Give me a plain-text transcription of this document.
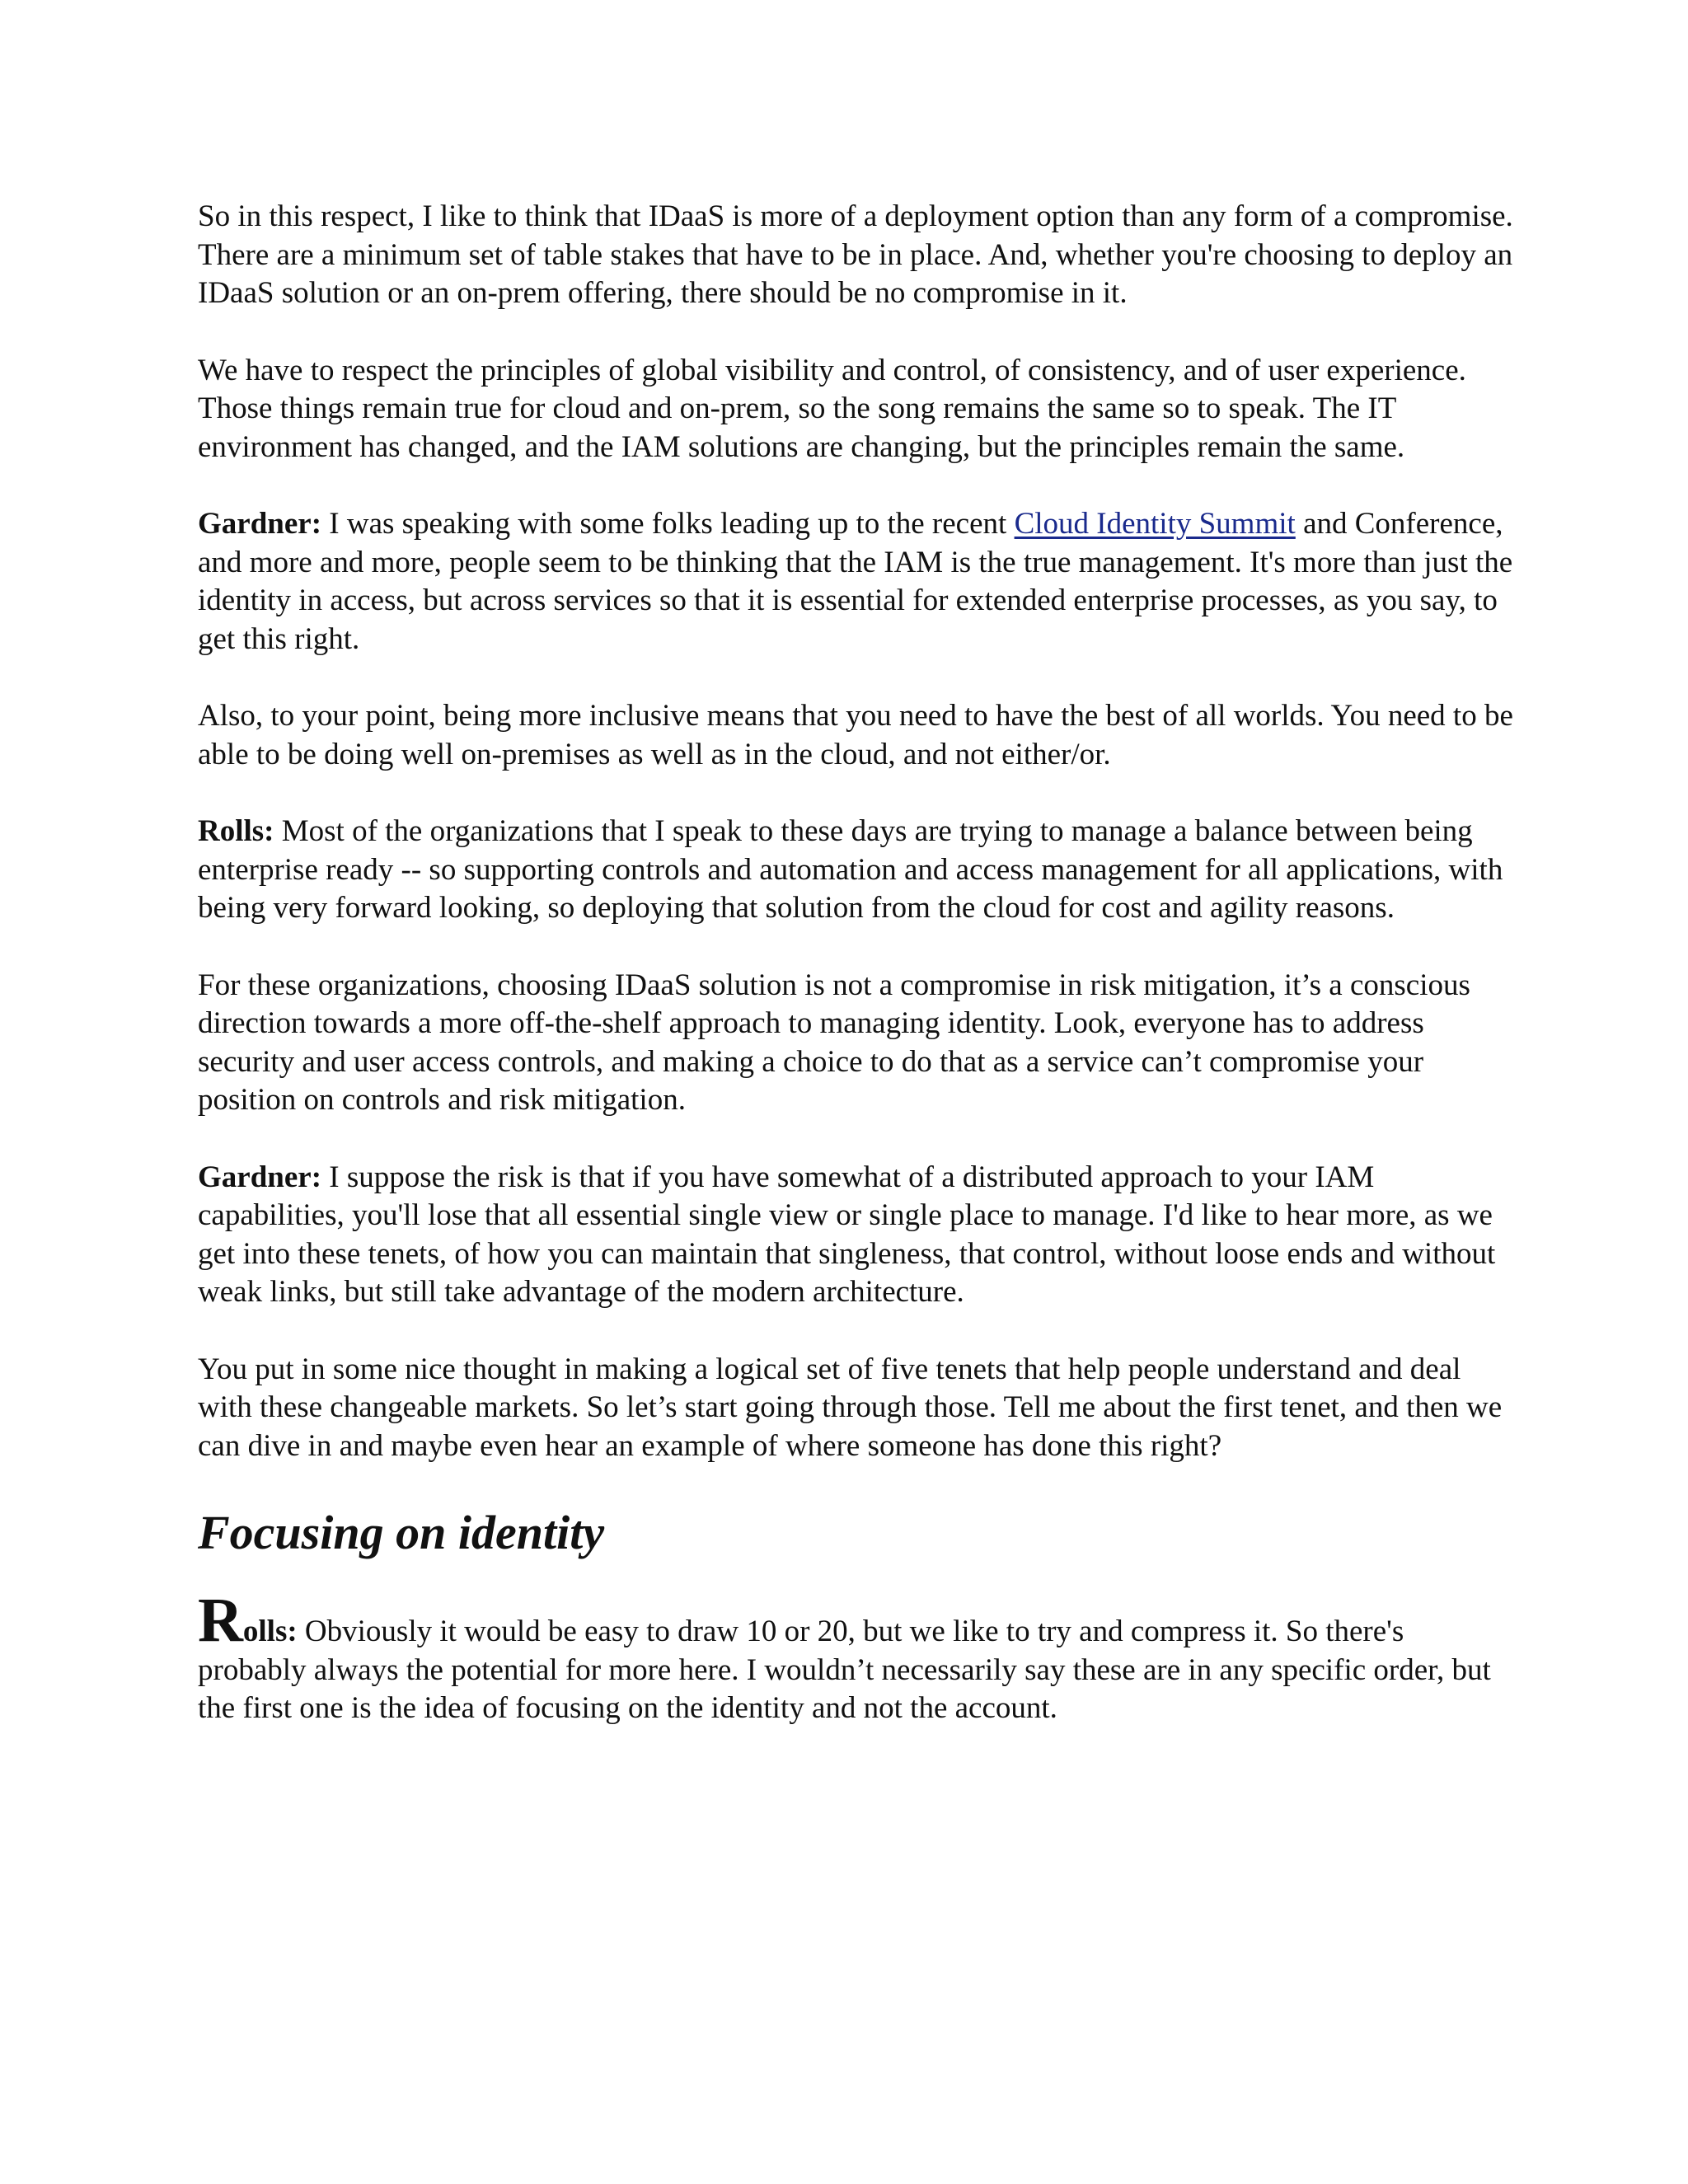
So in this respect, I like to think that IDaaS is more of a deployment option than any form of a compromise. There are a minimum set of table stakes that have to be in place. And, whether you're choosing to deploy an IDaaS solution or an on-prem offering, there should be no compromise in it.

We have to respect the principles of global visibility and control, of consistency, and of user experience. Those things remain true for cloud and on-prem, so the song remains the same so to speak. The IT environment has changed, and the IAM solutions are changing, but the principles remain the same.

Gardner: I was speaking with some folks leading up to the recent Cloud Identity Summit and Conference, and more and more, people seem to be thinking that the IAM is the true management. It's more than just the identity in access, but across services so that it is essential for extended enterprise processes, as you say, to get this right.

Also, to your point, being more inclusive means that you need to have the best of all worlds. You need to be able to be doing well on-premises as well as in the cloud, and not either/or.

Rolls: Most of the organizations that I speak to these days are trying to manage a balance between being enterprise ready -- so supporting controls and automation and access management for all applications, with being very forward looking, so deploying that solution from the cloud for cost and agility reasons.

For these organizations, choosing IDaaS solution is not a compromise in risk mitigation, it’s a conscious direction towards a more off-the-shelf approach to managing identity. Look, everyone has to address security and user access controls, and making a choice to do that as a service can’t compromise your position on controls and risk mitigation.

Gardner: I suppose the risk is that if you have somewhat of a distributed approach to your IAM capabilities, you'll lose that all essential single view or single place to manage. I'd like to hear more, as we get into these tenets, of how you can maintain that singleness, that control, without loose ends and without weak links, but still take advantage of the modern architecture.

You put in some nice thought in making a logical set of five tenets that help people understand and deal with these changeable markets. So let’s start going through those. Tell me about the first tenet, and then we can dive in and maybe even hear an example of where someone has done this right?

Focusing on identity

Rolls: Obviously it would be easy to draw 10 or 20, but we like to try and compress it. So there's probably always the potential for more here. I wouldn’t necessarily say these are in any specific order, but the first one is the idea of focusing on the identity and not the account.
